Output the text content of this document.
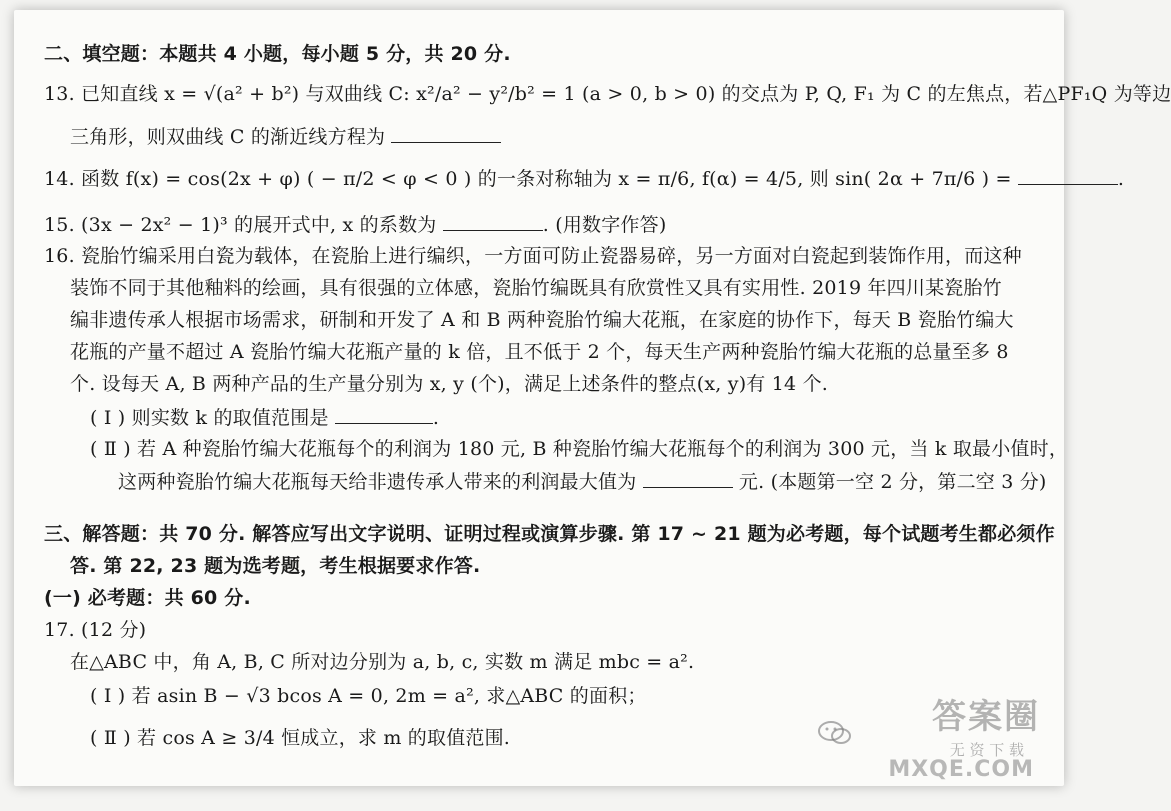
二、填空题：本题共 4 小题，每小题 5 分，共 20 分.
13. 已知直线 x = √(a² + b²) 与双曲线 C: x²/a² − y²/b² = 1 (a > 0, b > 0) 的交点为 P, Q, F₁ 为 C 的左焦点，若△PF₁Q 为等边
三角形，则双曲线 C 的渐近线方程为
14. 函数 f(x) = cos(2x + φ) ( − π/2 < φ < 0 ) 的一条对称轴为 x = π/6, f(α) = 4/5, 则 sin( 2α + 7π/6 ) =	.
15. (3x − 2x² − 1)³ 的展开式中, x 的系数为	. (用数字作答)
16. 瓷胎竹编采用白瓷为载体，在瓷胎上进行编织，一方面可防止瓷器易碎，另一方面对白瓷起到装饰作用，而这种
装饰不同于其他釉料的绘画，具有很强的立体感，瓷胎竹编既具有欣赏性又具有实用性. 2019 年四川某瓷胎竹
编非遗传承人根据市场需求，研制和开发了 A 和 B 两种瓷胎竹编大花瓶，在家庭的协作下，每天 B 瓷胎竹编大
花瓶的产量不超过 A 瓷胎竹编大花瓶产量的 k 倍，且不低于 2 个，每天生产两种瓷胎竹编大花瓶的总量至多 8
个. 设每天 A, B 两种产品的生产量分别为 x, y (个)，满足上述条件的整点(x, y)有 14 个.
( Ⅰ ) 则实数 k 的取值范围是	.
( Ⅱ ) 若 A 种瓷胎竹编大花瓶每个的利润为 180 元, B 种瓷胎竹编大花瓶每个的利润为 300 元，当 k 取最小值时，
这两种瓷胎竹编大花瓶每天给非遗传承人带来的利润最大值为	元. (本题第一空 2 分，第二空 3 分)
三、解答题：共 70 分. 解答应写出文字说明、证明过程或演算步骤. 第 17 ~ 21 题为必考题，每个试题考生都必须作
答. 第 22, 23 题为选考题，考生根据要求作答.
(一) 必考题：共 60 分.
17. (12 分)
在△ABC 中，角 A, B, C 所对边分别为 a, b, c, 实数 m 满足 mbc = a².
( Ⅰ ) 若 asin B − √3 bcos A = 0, 2m = a², 求△ABC 的面积；
( Ⅱ ) 若 cos A ≥ 3/4 恒成立，求 m 的取值范围.
答案圈
无 资 下 载
MXQE.COM
